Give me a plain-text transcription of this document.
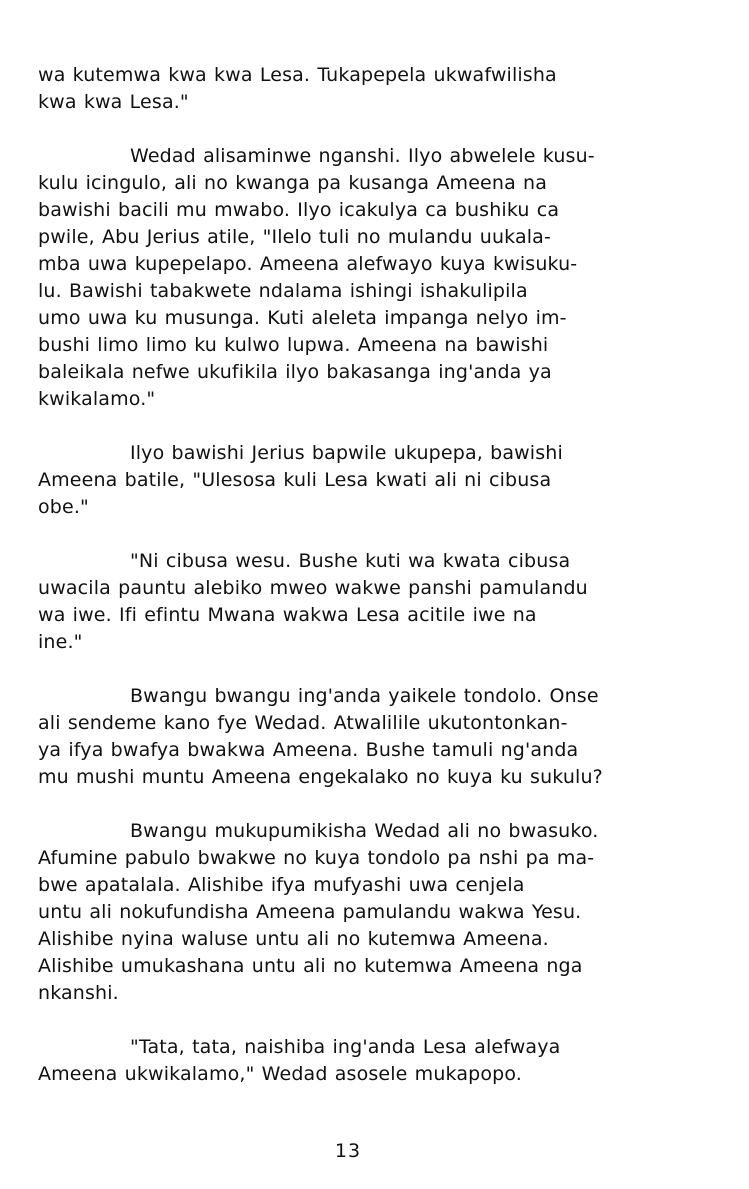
wa kutemwa kwa kwa Lesa. Tukapepela ukwafwilisha
kwa kwa Lesa."
Wedad alisaminwe nganshi. Ilyo abwelele kusu-
kulu icingulo, ali no kwanga pa kusanga Ameena na
bawishi bacili mu mwabo. Ilyo icakulya ca bushiku ca
pwile, Abu Jerius atile, "Ilelo tuli no mulandu uukala-
mba uwa kupepelapo. Ameena alefwayo kuya kwisuku-
lu. Bawishi tabakwete ndalama ishingi ishakulipila
umo uwa ku musunga. Kuti aleleta impanga nelyo im-
bushi limo limo ku kulwo lupwa. Ameena na bawishi
baleikala nefwe ukufikila ilyo bakasanga ing'anda ya
kwikalamo."
Ilyo bawishi Jerius bapwile ukupepa, bawishi
Ameena batile, "Ulesosa kuli Lesa kwati ali ni cibusa
obe."
"Ni cibusa wesu. Bushe kuti wa kwata cibusa
uwacila pauntu alebiko mweo wakwe panshi pamulandu
wa iwe. Ifi efintu Mwana wakwa Lesa acitile iwe na
ine."
Bwangu bwangu ing'anda yaikele tondolo. Onse
ali sendeme kano fye Wedad. Atwalilile ukutontonkan-
ya ifya bwafya bwakwa Ameena. Bushe tamuli ng'anda
mu mushi muntu Ameena engekalako no kuya ku sukulu?
Bwangu mukupumikisha Wedad ali no bwasuko.
Afumine pabulo bwakwe no kuya tondolo pa nshi pa ma-
bwe apatalala. Alishibe ifya mufyashi uwa cenjela
untu ali nokufundisha Ameena pamulandu wakwa Yesu.
Alishibe nyina waluse untu ali no kutemwa Ameena.
Alishibe umukashana untu ali no kutemwa Ameena nga
nkanshi.
"Tata, tata, naishiba ing'anda Lesa alefwaya
Ameena ukwikalamo," Wedad asosele mukapopo.
13
